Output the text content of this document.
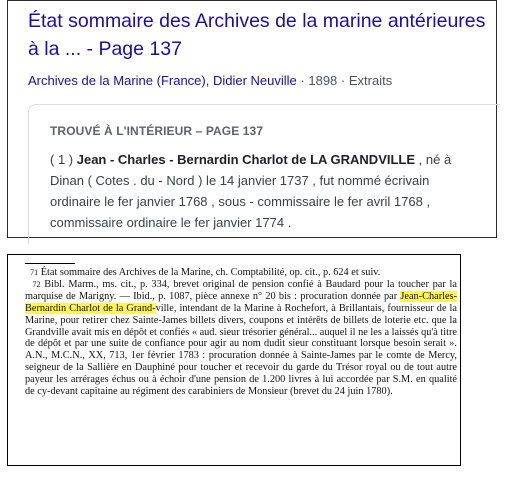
État sommaire des Archives de la marine antérieures
à la ... - Page 137
Archives de la Marine (France), Didier Neuville · 1898 · Extraits
TROUVÉ À L'INTÉRIEUR – PAGE 137
( 1 ) Jean - Charles - Bernardin Charlot de LA GRANDVILLE , né à
Dinan ( Cotes . du - Nord ) le 14 janvier 1737 , fut nommé écrivain
ordinaire le fer janvier 1768 , sous - commissaire le fer avril 1768 ,
commissaire ordinaire le fer janvier 1774 .
$^{71}$ État sommaire des Archives de la Marine, ch. Comptabilité, op. cit., p. 624 et suiv.
$^{72}$ Bibl. Marm., ms. cit., p. 334, brevet original de pension confié à Baudard pour la toucher par la marquise de Marigny. — Ibid., p. 1087, pièce annexe n° 20 bis : procuration donnée par Jean-Charles-Bernardin Charlot de la Grand-ville, intendant de la Marine à Rochefort, à Brillantais, fournisseur de la Marine, pour retirer chez Sainte-James billets divers, coupons et intérêts de billets de loterie etc. que la Grandville avait mis en dépôt et confiés « aud. sieur trésorier général... auquel il ne les a laissés qu'à titre de dépôt et par une suite de confiance pour agir au nom dudit sieur constituant lorsque besoin serait ». A.N., M.C.N., XX, 713, 1er février 1783 : procuration donnée à Sainte-James par le comte de Mercy, seigneur de la Sallière en Dauphiné pour toucher et recevoir du garde du Trésor royal ou de tout autre payeur les arrérages échus ou à échoir d'une pension de 1.200 livres à lui accordée par S.M. en qualité de cy-devant capitaine au régiment des carabiniers de Monsieur (brevet du 24 juin 1780).
